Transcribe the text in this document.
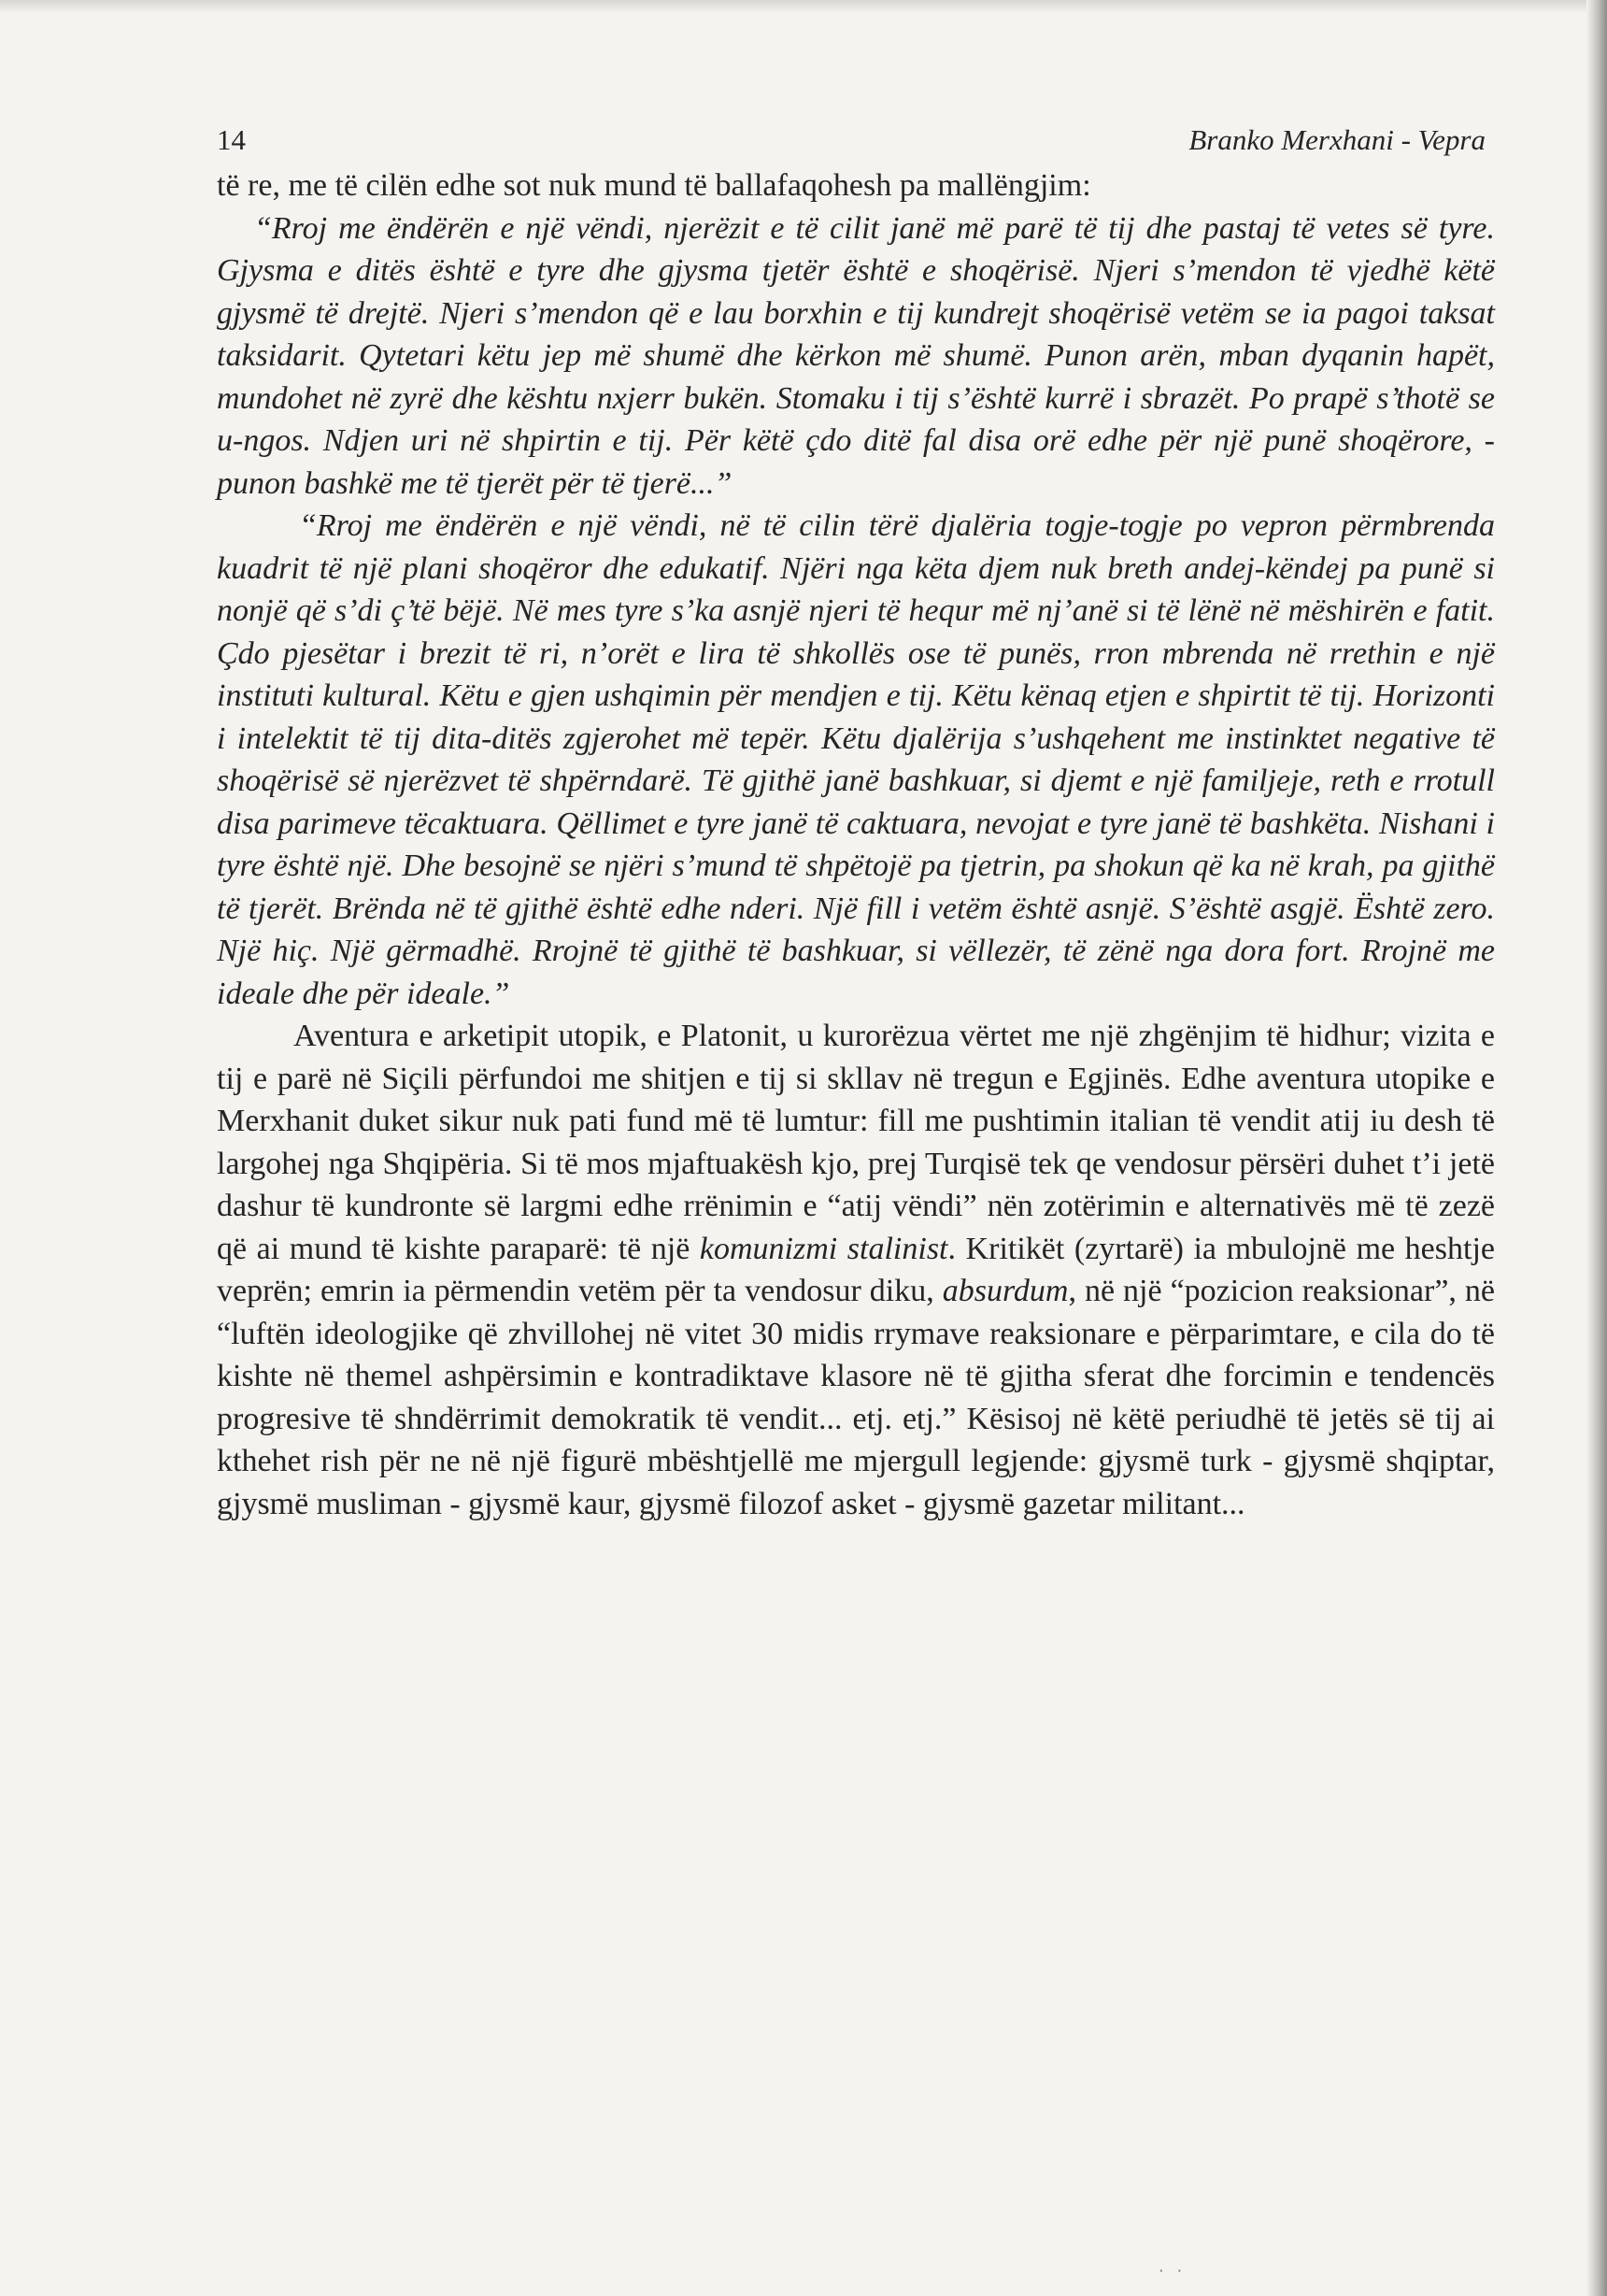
14	Branko Merxhani - Vepra

të re, me të cilën edhe sot nuk mund të ballafaqohesh pa mallëngjim:

“Rroj me ëndërën e një vëndi, njerëzit e të cilit janë më parë të tij dhe pastaj të vetes së tyre. Gjysma e ditës është e tyre dhe gjysma tjetër është e shoqërisë. Njeri s’mendon të vjedhë këtë gjysmë të drejtë. Njeri s’mendon që e lau borxhin e tij kundrejt shoqërisë vetëm se ia pagoi taksat taksidarit. Qytetari këtu jep më shumë dhe kërkon më shumë. Punon arën, mban dyqanin hapët, mundohet në zyrë dhe kështu nxjerr bukën. Stomaku i tij s’është kurrë i sbrazët. Po prapë s’thotë se u-ngos. Ndjen uri në shpirtin e tij. Për këtë çdo ditë fal disa orë edhe për një punë shoqërore, - punon bashkë me të tjerët për të tjerë...”

“Rroj me ëndërën e një vëndi, në të cilin tërë djalëria togje-togje po vepron përmbrenda kuadrit të një plani shoqëror dhe edukatif. Njëri nga këta djem nuk breth andej-këndej pa punë si nonjë që s’di ç’të bëjë. Në mes tyre s’ka asnjë njeri të hequr më nj’anë si të lënë në mëshirën e fatit. Çdo pjesëtar i brezit të ri, n’orët e lira të shkollës ose të punës, rron mbrenda në rrethin e një instituti kultural. Këtu e gjen ushqimin për mendjen e tij. Këtu kënaq etjen e shpirtit të tij. Horizonti i intelektit të tij dita-ditës zgjerohet më tepër. Këtu djalërija s’ushqehent me instinktet negative të shoqërisë së njerëzvet të shpërndarë. Të gjithë janë bashkuar, si djemt e një familjeje, reth e rrotull disa parimeve tëcaktuara. Qëllimet e tyre janë të caktuara, nevojat e tyre janë të bashkëta. Nishani i tyre është një. Dhe besojnë se njëri s’mund të shpëtojë pa tjetrin, pa shokun që ka në krah, pa gjithë të tjerët. Brënda në të gjithë është edhe nderi. Një fill i vetëm është asnjë. S’është asgjë. Është zero. Një hiç. Një gërmadhë. Rrojnë të gjithë të bashkuar, si vëllezër, të zënë nga dora fort. Rrojnë me ideale dhe për ideale.”

Aventura e arketipit utopik, e Platonit, u kurorëzua vërtet me një zhgënjim të hidhur; vizita e tij e parë në Siçili përfundoi me shitjen e tij si skllav në tregun e Egjinës. Edhe aventura utopike e Merxhanit duket sikur nuk pati fund më të lumtur: fill me pushtimin italian të vendit atij iu desh të largohej nga Shqipëria. Si të mos mjaftuakësh kjo, prej Turqisë tek qe vendosur përsëri duhet t’i jetë dashur të kundronte së largmi edhe rrënimin e “atij vëndi” nën zotërimin e alternativës më të zezë që ai mund të kishte paraparë: të një komunizmi stalinist. Kritikët (zyrtarë) ia mbulojnë me heshtje veprën; emrin ia përmendin vetëm për ta vendosur diku, absurdum, në një “pozicion reaksionar”, në “luftën ideologjike që zhvillohej në vitet 30 midis rrymave reaksionare e përparimtare, e cila do të kishte në themel ashpërsimin e kontradiktave klasore në të gjitha sferat dhe forcimin e tendencës progresive të shndërrimit demokratik të vendit... etj. etj.” Kësisoj në këtë periudhë të jetës së tij ai kthehet rish për ne në një figurë mbështjellë me mjergull legjende: gjysmë turk - gjysmë shqiptar, gjysmë musliman - gjysmë kaur, gjysmë filozof asket - gjysmë gazetar militant...

· ·
